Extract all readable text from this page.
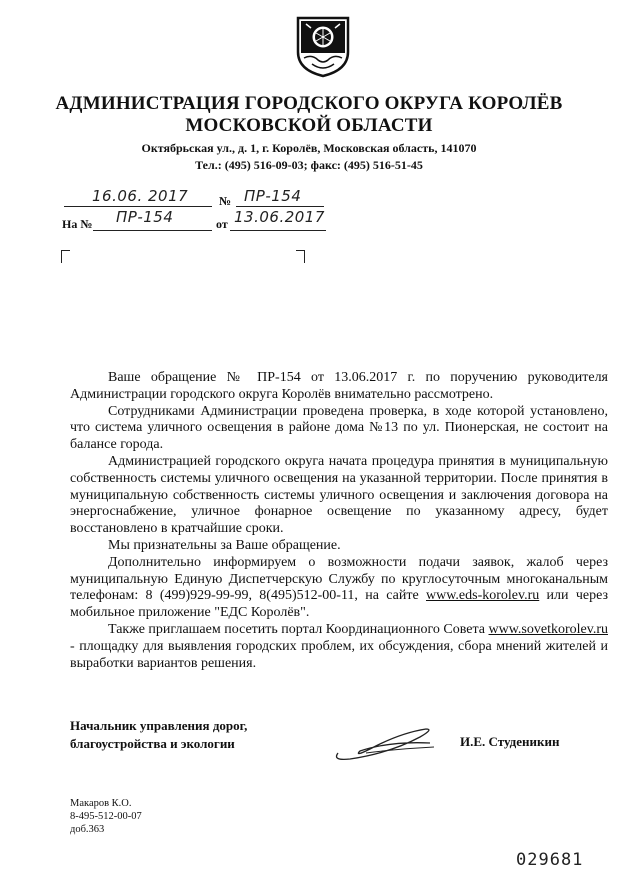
АДМИНИСТРАЦИЯ ГОРОДСКОГО ОКРУГА КОРОЛЁВ
МОСКОВСКОЙ ОБЛАСТИ
Октябрьская ул., д. 1, г. Королёв, Московская область, 141070
Тел.: (495) 516-09-03; факс: (495) 516-51-45
16.06. 2017	№ ПР-154
На № ПР-154	от 13.06.2017

Ваше обращение № ПР-154 от 13.06.2017 г. по поручению руководителя Администрации городского округа Королёв внимательно рассмотрено.

Сотрудниками Администрации проведена проверка, в ходе которой установлено, что система уличного освещения в районе дома №13 по ул. Пионерская, не состоит на балансе города.

Администрацией городского округа начата процедура принятия в муниципальную собственность системы уличного освещения на указанной территории. После принятия в муниципальную собственность системы уличного освещения и заключения договора на энергоснабжение, уличное фонарное освещение по указанному адресу, будет восстановлено в кратчайшие сроки.

Мы признательны за Ваше обращение.

Дополнительно информируем о возможности подачи заявок, жалоб через муниципальную Единую Диспетчерскую Службу по круглосуточным многоканальным телефонам: 8 (499)929-99-99, 8(495)512-00-11, на сайте www.eds-korolev.ru или через мобильное приложение "ЕДС Королёв".

Также приглашаем посетить портал Координационного Совета www.sovetkorolev.ru - площадку для выявления городских проблем, их обсуждения, сбора мнений жителей и выработки вариантов решения.

Начальник управления дорог,
благоустройства и экологии	И.Е. Студеникин
Макаров К.О.
8-495-512-00-07
доб.363
029681
